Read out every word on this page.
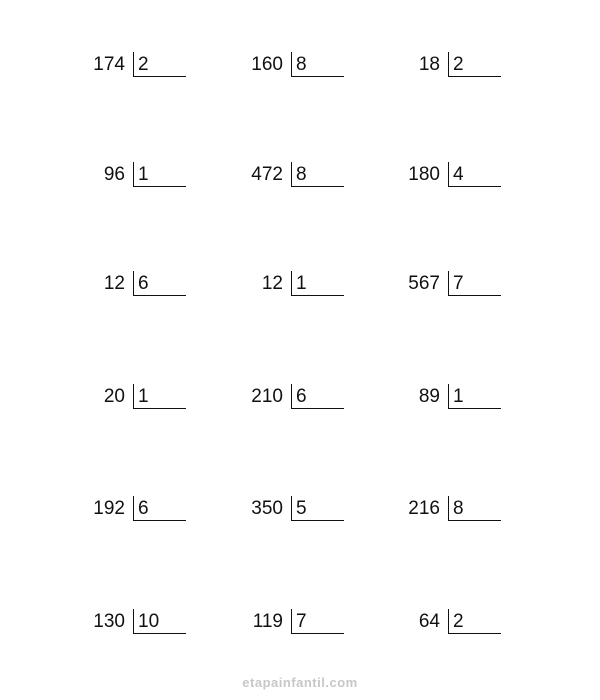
174 2	160 8	18 2
96 1	472 8	180 4
12 6	12 1	567 7
20 1	210 6	89 1
192 6	350 5	216 8
130 10	119 7	64 2
etapainfantil.com
